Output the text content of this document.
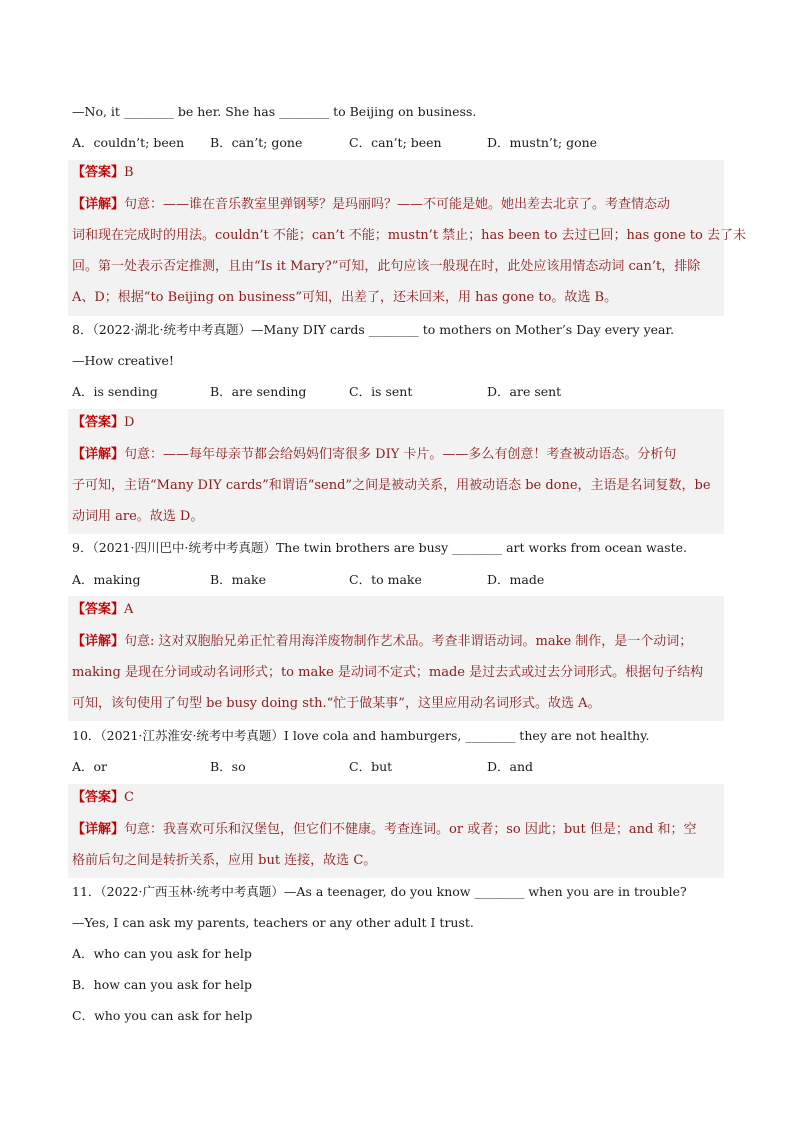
—No, it ________ be her. She has ________ to Beijing on business.
A．couldn’t; been B．can’t; gone	C．can’t; been	D．mustn’t; gone
【答案】B
【详解】句意：——谁在音乐教室里弹钢琴？是玛丽吗？——不可能是她。她出差去北京了。考查情态动
词和现在完成时的用法。couldn’t 不能；can’t 不能；mustn’t 禁止；has been to 去过已回；has gone to 去了未
回。第一处表示否定推测，且由“Is it Mary?”可知，此句应该一般现在时，此处应该用情态动词 can’t，排除
A、D；根据“to Beijing on business”可知，出差了，还未回来，用 has gone to。故选 B。
8．（2022·湖北·统考中考真题）—Many DIY cards ________ to mothers on Mother’s Day every year.
—How creative!
A．is sending	B．are sending	C．is sent	D．are sent
【答案】D
【详解】句意：——每年母亲节都会给妈妈们寄很多 DIY 卡片。——多么有创意！考查被动语态。分析句
子可知，主语“Many DIY cards”和谓语“send”之间是被动关系，用被动语态 be done，主语是名词复数，be
动词用 are。故选 D。
9．（2021·四川巴中·统考中考真题）The twin brothers are busy ________ art works from ocean waste.
A．making	B．make	C．to make	D．made
【答案】A
【详解】句意: 这对双胞胎兄弟正忙着用海洋废物制作艺术品。考查非谓语动词。make 制作，是一个动词；
making 是现在分词或动名词形式；to make 是动词不定式；made 是过去式或过去分词形式。根据句子结构
可知，该句使用了句型 be busy doing sth.“忙于做某事”，这里应用动名词形式。故选 A。
10．（2021·江苏淮安·统考中考真题）I love cola and hamburgers, ________ they are not healthy.
A．or	B．so	C．but	D．and
【答案】C
【详解】句意：我喜欢可乐和汉堡包，但它们不健康。考查连词。or 或者；so 因此；but 但是；and 和；空
格前后句之间是转折关系，应用 but 连接，故选 C。
11．（2022·广西玉林·统考中考真题）—As a teenager, do you know ________ when you are in trouble?
—Yes, I can ask my parents, teachers or any other adult I trust.
A．who can you ask for help
B．how can you ask for help
C．who you can ask for help
